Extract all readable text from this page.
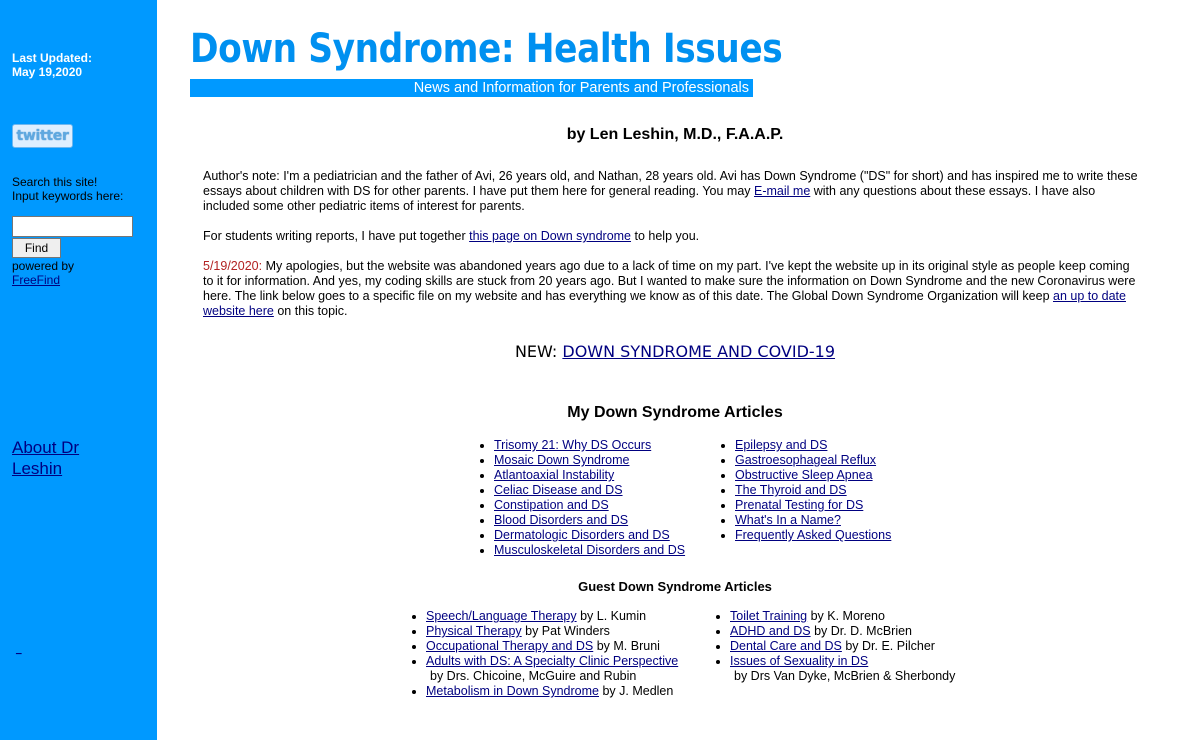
Last Updated:
May 19,2020
twitter
Search this site!
Input keywords here:
Find
powered by
FreeFind
About Dr Leshin
_
Down Syndrome: Health Issues
News and Information for Parents and Professionals
by Len Leshin, M.D., F.A.A.P.
Author's note: I'm a pediatrician and the father of Avi, 26 years old, and Nathan, 28 years old. Avi has Down Syndrome ("DS" for short) and has inspired me to write these essays about children with DS for other parents. I have put them here for general reading. You may E-mail me with any questions about these essays. I have also included some other pediatric items of interest for parents.
For students writing reports, I have put together this page on Down syndrome to help you.
5/19/2020: My apologies, but the website was abandoned years ago due to a lack of time on my part. I've kept the website up in its original style as people keep coming to it for information. And yes, my coding skills are stuck from 20 years ago. But I wanted to make sure the information on Down Syndrome and the new Coronavirus were here. The link below goes to a specific file on my website and has everything we know as of this date. The Global Down Syndrome Organization will keep an up to date website here on this topic.
NEW: DOWN SYNDROME AND COVID-19
My Down Syndrome Articles
• Trisomy 21: Why DS Occurs
• Mosaic Down Syndrome
• Atlantoaxial Instability
• Celiac Disease and DS
• Constipation and DS
• Blood Disorders and DS
• Dermatologic Disorders and DS
• Musculoskeletal Disorders and DS
• Epilepsy and DS
• Gastroesophageal Reflux
• Obstructive Sleep Apnea
• The Thyroid and DS
• Prenatal Testing for DS
• What's In a Name?
• Frequently Asked Questions
Guest Down Syndrome Articles
• Speech/Language Therapy by L. Kumin
• Physical Therapy by Pat Winders
• Occupational Therapy and DS by M. Bruni
• Adults with DS: A Specialty Clinic Perspective
by Drs. Chicoine, McGuire and Rubin
• Metabolism in Down Syndrome by J. Medlen
• Toilet Training by K. Moreno
• ADHD and DS by Dr. D. McBrien
• Dental Care and DS by Dr. E. Pilcher
• Issues of Sexuality in DS
by Drs Van Dyke, McBrien & Sherbondy
